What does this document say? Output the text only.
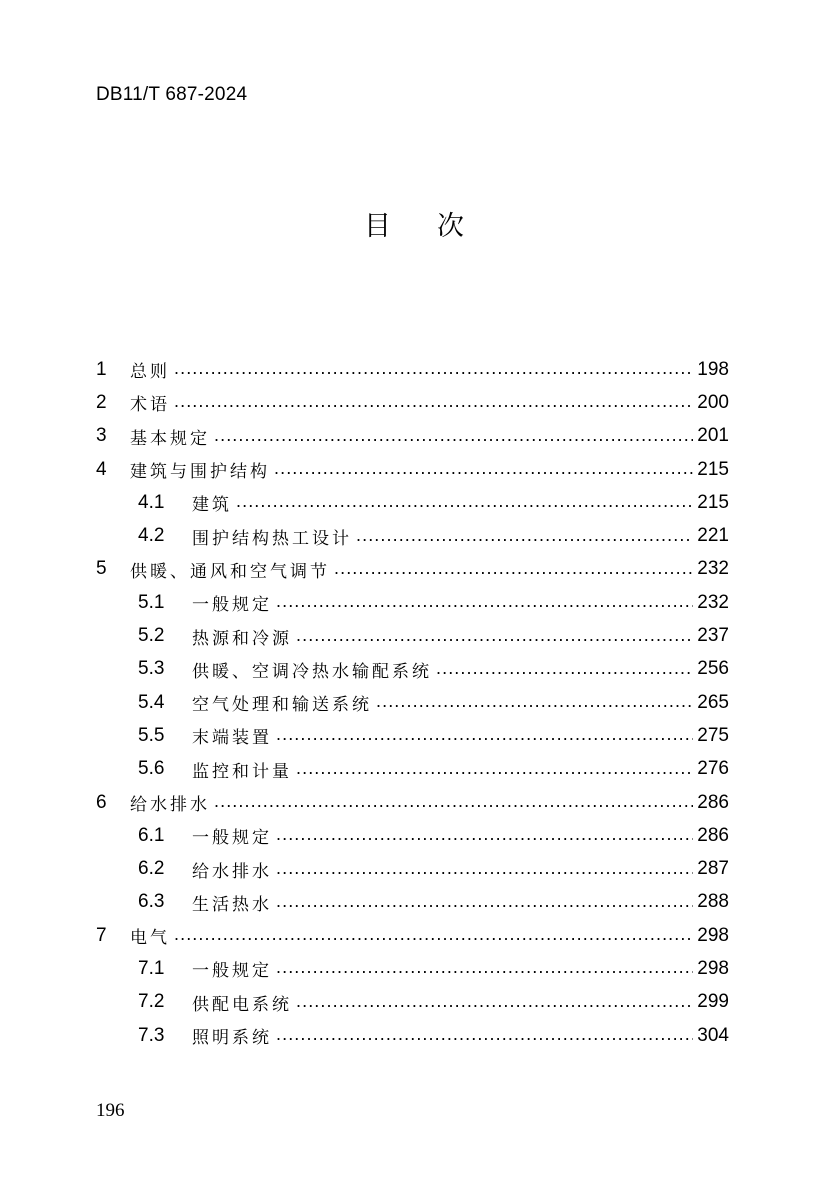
DB11/T 687-2024
目 次
1	总则 .....	198
2	术语 .....	200
3	基本规定 .....	201
4	建筑与围护结构 .....	215
4.1	建筑 .....	215
4.2	围护结构热工设计 .....	221
5	供暖、通风和空气调节 .....	232
5.1	一般规定 .....	232
5.2	热源和冷源 .....	237
5.3	供暖、空调冷热水输配系统 .....	256
5.4	空气处理和输送系统 .....	265
5.5	末端装置 .....	275
5.6	监控和计量 .....	276
6	给水排水 .....	286
6.1	一般规定 .....	286
6.2	给水排水 .....	287
6.3	生活热水 .....	288
7	电气 .....	298
7.1	一般规定 .....	298
7.2	供配电系统 .....	299
7.3	照明系统 .....	304
196
